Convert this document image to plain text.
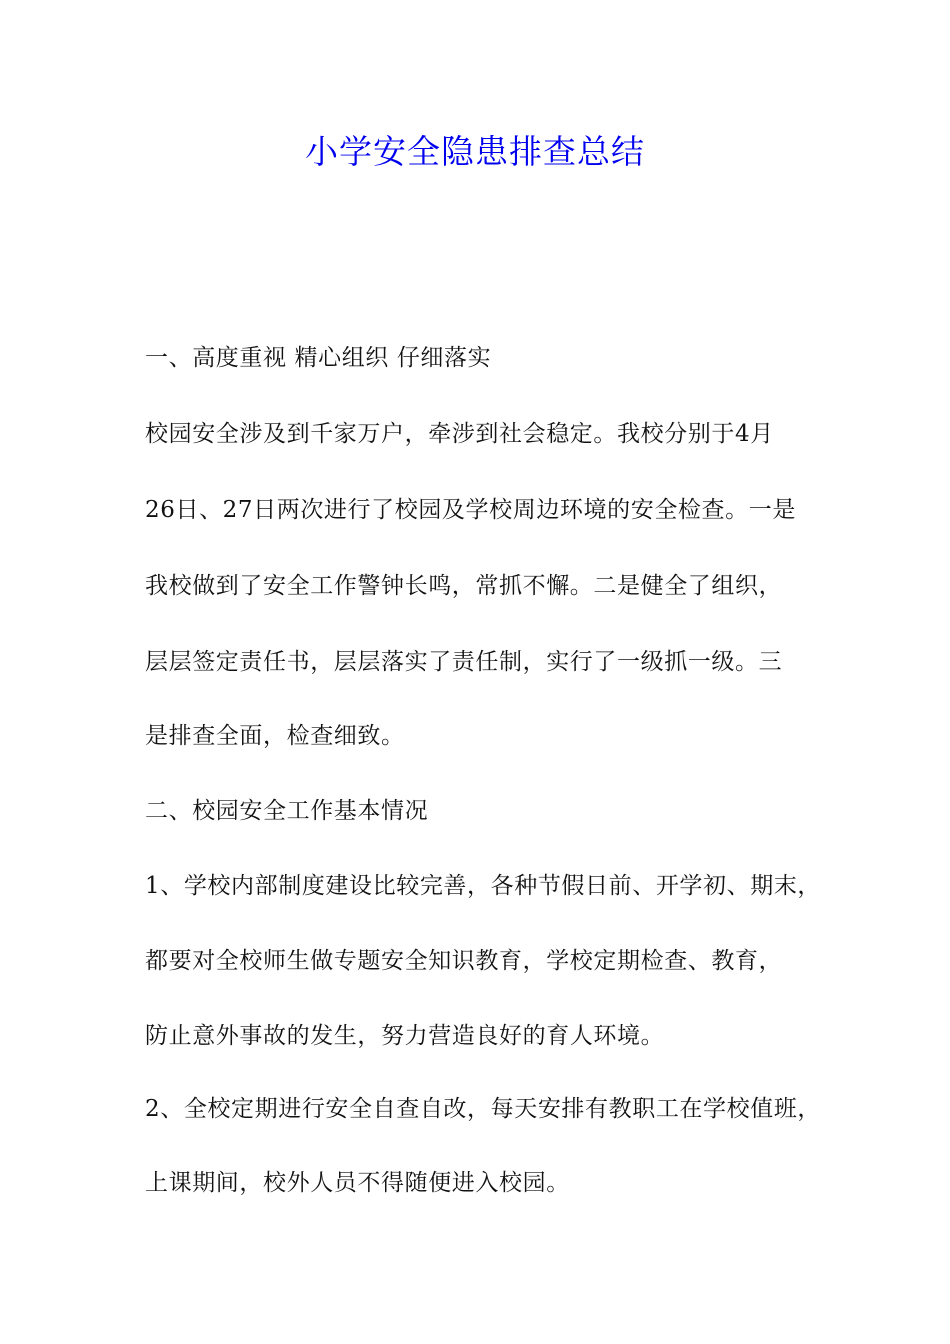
小学安全隐患排查总结

一、高度重视 精心组织 仔细落实

校园安全涉及到千家万户，牵涉到社会稳定。我校分别于4月

26日、27日两次进行了校园及学校周边环境的安全检查。一是

我校做到了安全工作警钟长鸣，常抓不懈。二是健全了组织，

层层签定责任书，层层落实了责任制，实行了一级抓一级。三

是排查全面，检查细致。

二、校园安全工作基本情况

1、学校内部制度建设比较完善，各种节假日前、开学初、期末，

都要对全校师生做专题安全知识教育，学校定期检查、教育，

防止意外事故的发生，努力营造良好的育人环境。

2、全校定期进行安全自查自改，每天安排有教职工在学校值班，

上课期间，校外人员不得随便进入校园。
